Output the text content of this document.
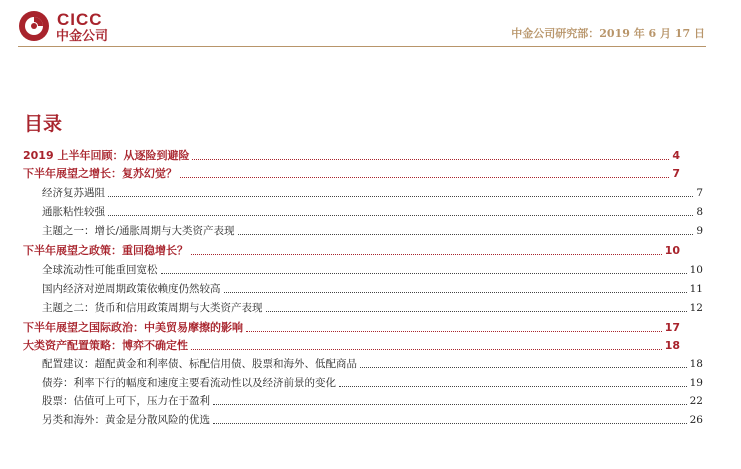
CICC
中金公司	中金公司研究部：2019 年 6 月 17 日
目录
2019 上半年回顾：从逐险到避险	4
下半年展望之增长：复苏幻觉？	7
经济复苏遇阻	7
通胀粘性较强	8
主题之一：增长/通胀周期与大类资产表现	9
下半年展望之政策：重回稳增长？	10
全球流动性可能重回宽松	10
国内经济对逆周期政策依赖度仍然较高	11
主题之二：货币和信用政策周期与大类资产表现	12
下半年展望之国际政治：中美贸易摩擦的影响	17
大类资产配置策略：博弈不确定性	18
配置建议：超配黄金和利率债、标配信用债、股票和海外、低配商品	18
债券：利率下行的幅度和速度主要看流动性以及经济前景的变化	19
股票：估值可上可下，压力在于盈利	22
另类和海外：黄金是分散风险的优选	26
